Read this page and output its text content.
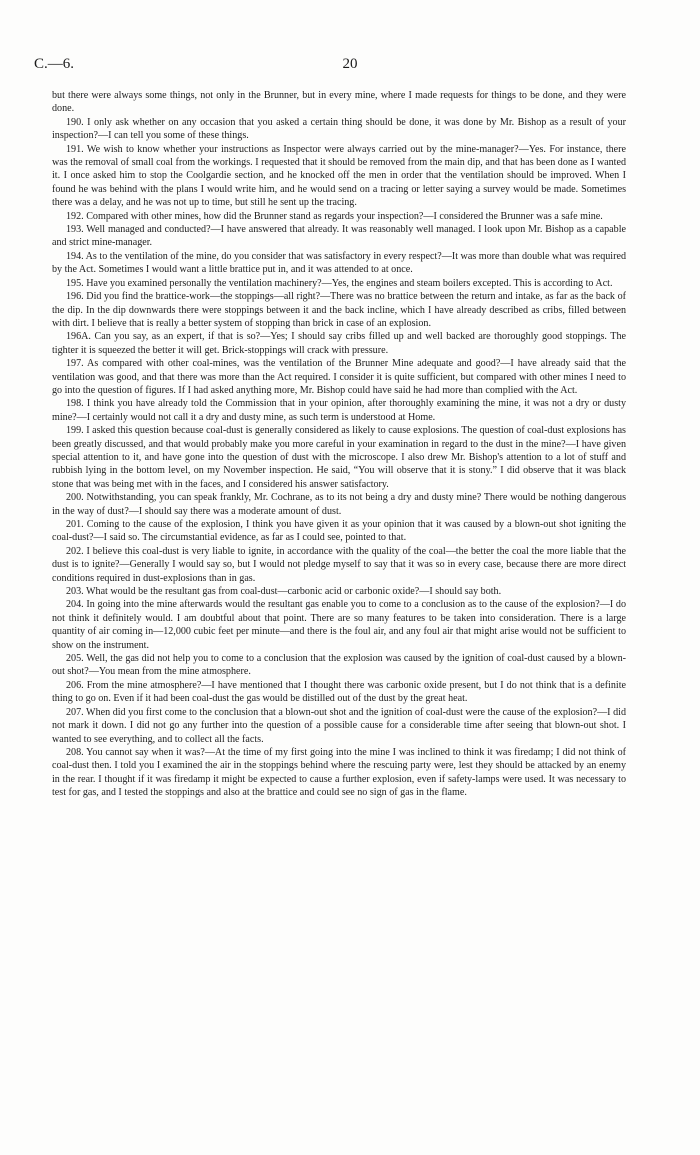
C.—6.	20

but there were always some things, not only in the Brunner, but in every mine, where I made requests for things to be done, and they were done.

190. I only ask whether on any occasion that you asked a certain thing should be done, it was done by Mr. Bishop as a result of your inspection?—I can tell you some of these things.

191. We wish to know whether your instructions as Inspector were always carried out by the mine-manager?—Yes. For instance, there was the removal of small coal from the workings. I requested that it should be removed from the main dip, and that has been done as I wanted it. I once asked him to stop the Coolgardie section, and he knocked off the men in order that the ventilation should be improved. When I found he was behind with the plans I would write him, and he would send on a tracing or letter saying a survey would be made. Sometimes there was a delay, and he was not up to time, but still he sent up the tracing.

192. Compared with other mines, how did the Brunner stand as regards your inspection?—I considered the Brunner was a safe mine.

193. Well managed and conducted?—I have answered that already. It was reasonably well managed. I look upon Mr. Bishop as a capable and strict mine-manager.

194. As to the ventilation of the mine, do you consider that was satisfactory in every respect?—It was more than double what was required by the Act. Sometimes I would want a little brattice put in, and it was attended to at once.

195. Have you examined personally the ventilation machinery?—Yes, the engines and steam boilers excepted. This is according to Act.

196. Did you find the brattice-work—the stoppings—all right?—There was no brattice between the return and intake, as far as the back of the dip. In the dip downwards there were stoppings between it and the back incline, which I have already described as cribs, filled between with dirt. I believe that is really a better system of stopping than brick in case of an explosion.

196A. Can you say, as an expert, if that is so?—Yes; I should say cribs filled up and well backed are thoroughly good stoppings. The tighter it is squeezed the better it will get. Brick-stoppings will crack with pressure.

197. As compared with other coal-mines, was the ventilation of the Brunner Mine adequate and good?—I have already said that the ventilation was good, and that there was more than the Act required. I consider it is quite sufficient, but compared with other mines I need to go into the question of figures. If I had asked anything more, Mr. Bishop could have said he had more than complied with the Act.

198. I think you have already told the Commission that in your opinion, after thoroughly examining the mine, it was not a dry or dusty mine?—I certainly would not call it a dry and dusty mine, as such term is understood at Home.

199. I asked this question because coal-dust is generally considered as likely to cause explosions. The question of coal-dust explosions has been greatly discussed, and that would probably make you more careful in your examination in regard to the dust in the mine?—I have given special attention to it, and have gone into the question of dust with the microscope. I also drew Mr. Bishop's attention to a lot of stuff and rubbish lying in the bottom level, on my November inspection. He said, “You will observe that it is stony.” I did observe that it was black stone that was being met with in the faces, and I considered his answer satisfactory.

200. Notwithstanding, you can speak frankly, Mr. Cochrane, as to its not being a dry and dusty mine? There would be nothing dangerous in the way of dust?—I should say there was a moderate amount of dust.

201. Coming to the cause of the explosion, I think you have given it as your opinion that it was caused by a blown-out shot igniting the coal-dust?—I said so. The circumstantial evidence, as far as I could see, pointed to that.

202. I believe this coal-dust is very liable to ignite, in accordance with the quality of the coal—the better the coal the more liable that the dust is to ignite?—Generally I would say so, but I would not pledge myself to say that it was so in every case, because there are more direct conditions required in dust-explosions than in gas.

203. What would be the resultant gas from coal-dust—carbonic acid or carbonic oxide?—I should say both.

204. In going into the mine afterwards would the resultant gas enable you to come to a conclusion as to the cause of the explosion?—I do not think it definitely would. I am doubtful about that point. There are so many features to be taken into consideration. There is a large quantity of air coming in—12,000 cubic feet per minute—and there is the foul air, and any foul air that might arise would not be sufficient to show on the instrument.

205. Well, the gas did not help you to come to a conclusion that the explosion was caused by the ignition of coal-dust caused by a blown-out shot?—You mean from the mine atmosphere.

206. From the mine atmosphere?—I have mentioned that I thought there was carbonic oxide present, but I do not think that is a definite thing to go on. Even if it had been coal-dust the gas would be distilled out of the dust by the great heat.

207. When did you first come to the conclusion that a blown-out shot and the ignition of coal-dust were the cause of the explosion?—I did not mark it down. I did not go any further into the question of a possible cause for a considerable time after seeing that blown-out shot. I wanted to see everything, and to collect all the facts.

208. You cannot say when it was?—At the time of my first going into the mine I was inclined to think it was firedamp; I did not think of coal-dust then. I told you I examined the air in the stoppings behind where the rescuing party were, lest they should be attacked by an enemy in the rear. I thought if it was firedamp it might be expected to cause a further explosion, even if safety-lamps were used. It was necessary to test for gas, and I tested the stoppings and also at the brattice and could see no sign of gas in the flame.
